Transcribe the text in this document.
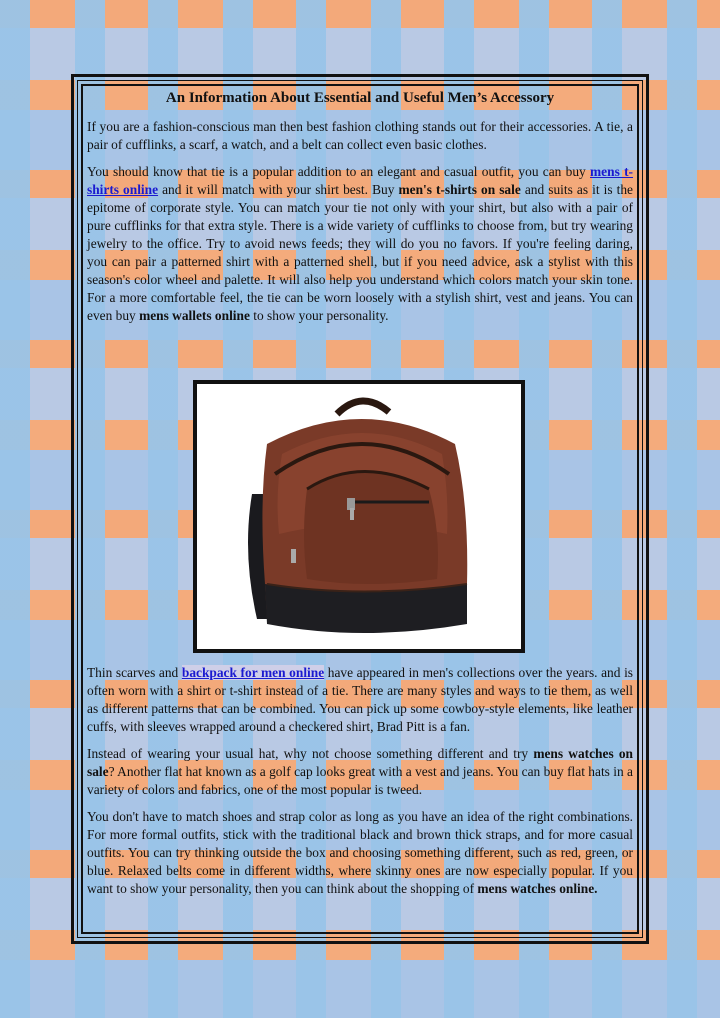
An Information About Essential and Useful Men’s Accessory

If you are a fashion-conscious man then best fashion clothing stands out for their accessories. A tie, a pair of cufflinks, a scarf, a watch, and a belt can collect even basic clothes.

You should know that tie is a popular addition to an elegant and casual outfit, you can buy mens t-shirts online and it will match with your shirt best. Buy men's t-shirts on sale and suits as it is the epitome of corporate style. You can match your tie not only with your shirt, but also with a pair of pure cufflinks for that extra style. There is a wide variety of cufflinks to choose from, but try wearing jewelry to the office. Try to avoid news feeds; they will do you no favors. If you're feeling daring, you can pair a patterned shirt with a patterned shell, but if you need advice, ask a stylist with this season's color wheel and palette. It will also help you understand which colors match your skin tone. For a more comfortable feel, the tie can be worn loosely with a stylish shirt, vest and jeans. You can even buy mens wallets online to show your personality.

Thin scarves and backpack for men online have appeared in men's collections over the years. and is often worn with a shirt or t-shirt instead of a tie. There are many styles and ways to tie them, as well as different patterns that can be combined. You can pick up some cowboy-style elements, like leather cuffs, with sleeves wrapped around a checkered shirt, Brad Pitt is a fan.

Instead of wearing your usual hat, why not choose something different and try mens watches on sale? Another flat hat known as a golf cap looks great with a vest and jeans. You can buy flat hats in a variety of colors and fabrics, one of the most popular is tweed.

You don't have to match shoes and strap color as long as you have an idea of the right combinations. For more formal outfits, stick with the traditional black and brown thick straps, and for more casual outfits. You can try thinking outside the box and choosing something different, such as red, green, or blue. Relaxed belts come in different widths, where skinny ones are now especially popular. If you want to show your personality, then you can think about the shopping of mens watches online.
